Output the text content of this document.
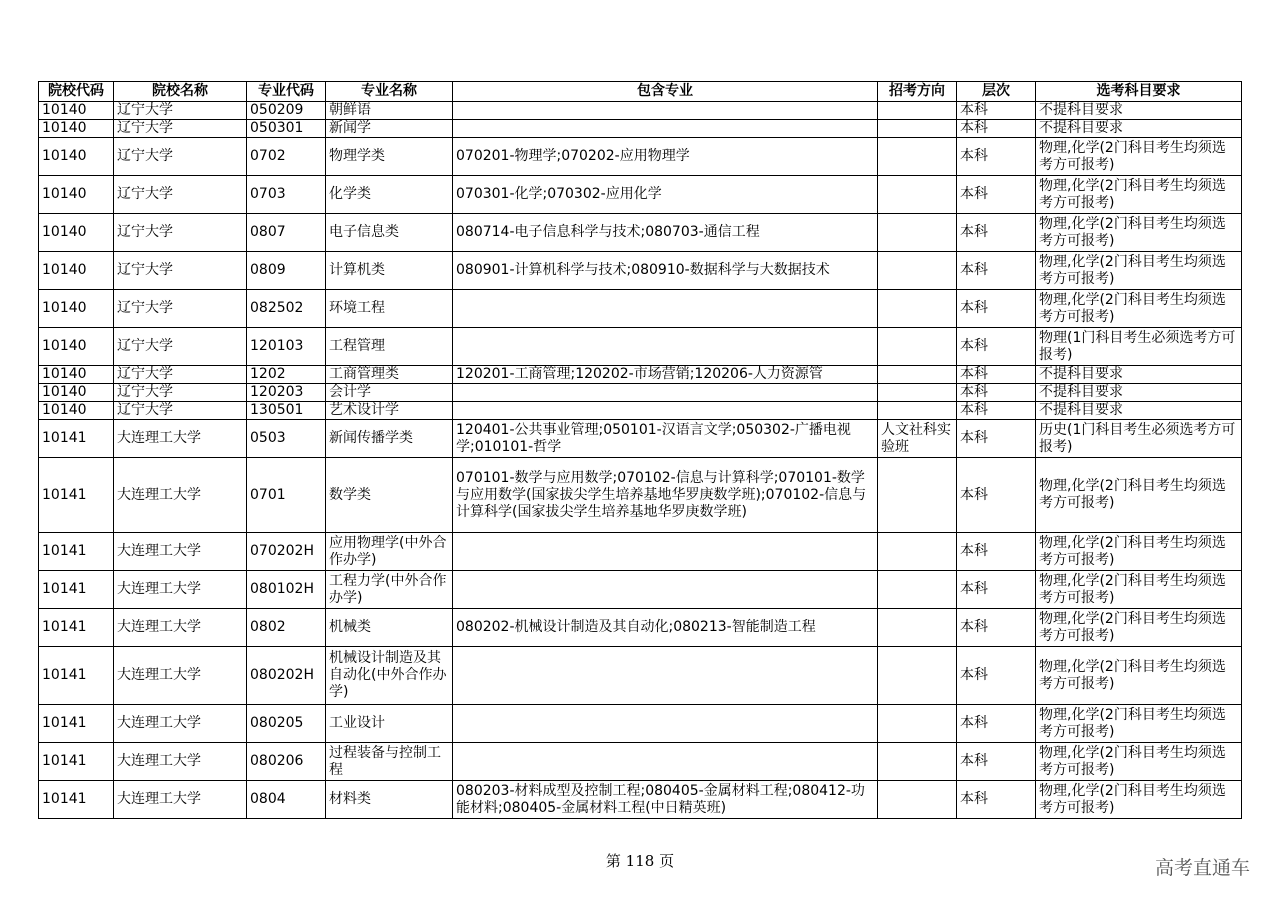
院校代码	院校名称	专业代码	专业名称	包含专业	招考方向	层次	选考科目要求
10140	辽宁大学	050209	朝鲜语			本科	不提科目要求
10140	辽宁大学	050301	新闻学			本科	不提科目要求
10140	辽宁大学	0702	物理学类	070201-物理学;070202-应用物理学		本科	物理,化学(2门科目考生均须选考方可报考)
10140	辽宁大学	0703	化学类	070301-化学;070302-应用化学		本科	物理,化学(2门科目考生均须选考方可报考)
10140	辽宁大学	0807	电子信息类	080714-电子信息科学与技术;080703-通信工程		本科	物理,化学(2门科目考生均须选考方可报考)
10140	辽宁大学	0809	计算机类	080901-计算机科学与技术;080910-数据科学与大数据技术		本科	物理,化学(2门科目考生均须选考方可报考)
10140	辽宁大学	082502	环境工程			本科	物理,化学(2门科目考生均须选考方可报考)
10140	辽宁大学	120103	工程管理			本科	物理(1门科目考生必须选考方可报考)
10140	辽宁大学	1202	工商管理类	120201-工商管理;120202-市场营销;120206-人力资源管		本科	不提科目要求
10140	辽宁大学	120203	会计学			本科	不提科目要求
10140	辽宁大学	130501	艺术设计学			本科	不提科目要求
10141	大连理工大学	0503	新闻传播学类	120401-公共事业管理;050101-汉语言文学;050302-广播电视学;010101-哲学	人文社科实验班	本科	历史(1门科目考生必须选考方可报考)
10141	大连理工大学	0701	数学类	070101-数学与应用数学;070102-信息与计算科学;070101-数学与应用数学(国家拔尖学生培养基地华罗庚数学班);070102-信息与计算科学(国家拔尖学生培养基地华罗庚数学班)		本科	物理,化学(2门科目考生均须选考方可报考)
10141	大连理工大学	070202H	应用物理学(中外合作办学)			本科	物理,化学(2门科目考生均须选考方可报考)
10141	大连理工大学	080102H	工程力学(中外合作办学)			本科	物理,化学(2门科目考生均须选考方可报考)
10141	大连理工大学	0802	机械类	080202-机械设计制造及其自动化;080213-智能制造工程		本科	物理,化学(2门科目考生均须选考方可报考)
10141	大连理工大学	080202H	机械设计制造及其自动化(中外合作办学)			本科	物理,化学(2门科目考生均须选考方可报考)
10141	大连理工大学	080205	工业设计			本科	物理,化学(2门科目考生均须选考方可报考)
10141	大连理工大学	080206	过程装备与控制工程			本科	物理,化学(2门科目考生均须选考方可报考)
10141	大连理工大学	0804	材料类	080203-材料成型及控制工程;080405-金属材料工程;080412-功能材料;080405-金属材料工程(中日精英班)		本科	物理,化学(2门科目考生均须选考方可报考)
第 118 页	高考直通车
